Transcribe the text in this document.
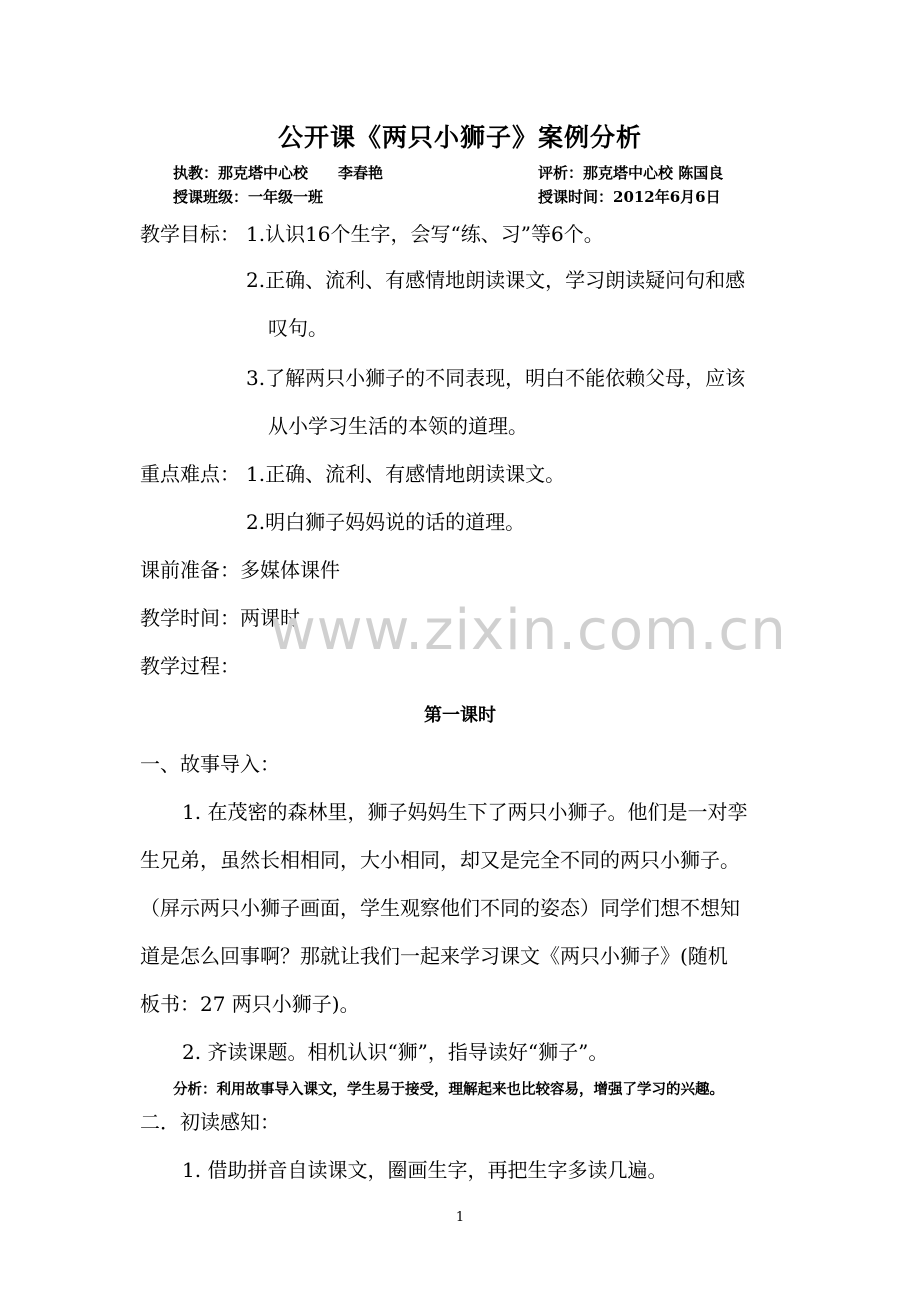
公开课《两只小狮子》案例分析
执教：那克塔中心校　　李春艳	评析：那克塔中心校 陈国良
授课班级：一年级一班	授课时间：2012年6月6日
教学目标： 1.认识16个生字，会写“练、习”等6个。
2.正确、流利、有感情地朗读课文，学习朗读疑问句和感
叹句。
3.了解两只小狮子的不同表现，明白不能依赖父母，应该
从小学习生活的本领的道理。
重点难点： 1.正确、流利、有感情地朗读课文。
2.明白狮子妈妈说的话的道理。
课前准备：多媒体课件
教学时间：两课时
教学过程：
第一课时
一、故事导入：
1. 在茂密的森林里，狮子妈妈生下了两只小狮子。他们是一对孪
生兄弟，虽然长相相同，大小相同，却又是完全不同的两只小狮子。
（屏示两只小狮子画面，学生观察他们不同的姿态）同学们想不想知
道是怎么回事啊？那就让我们一起来学习课文《两只小狮子》(随机
板书：27 两只小狮子)。
2. 齐读课题。相机认识“狮”，指导读好“狮子”。
分析：利用故事导入课文，学生易于接受，理解起来也比较容易，增强了学习的兴趣。
二．初读感知：
1. 借助拼音自读课文，圈画生字，再把生字多读几遍。
www.zixin.com.cn
1
